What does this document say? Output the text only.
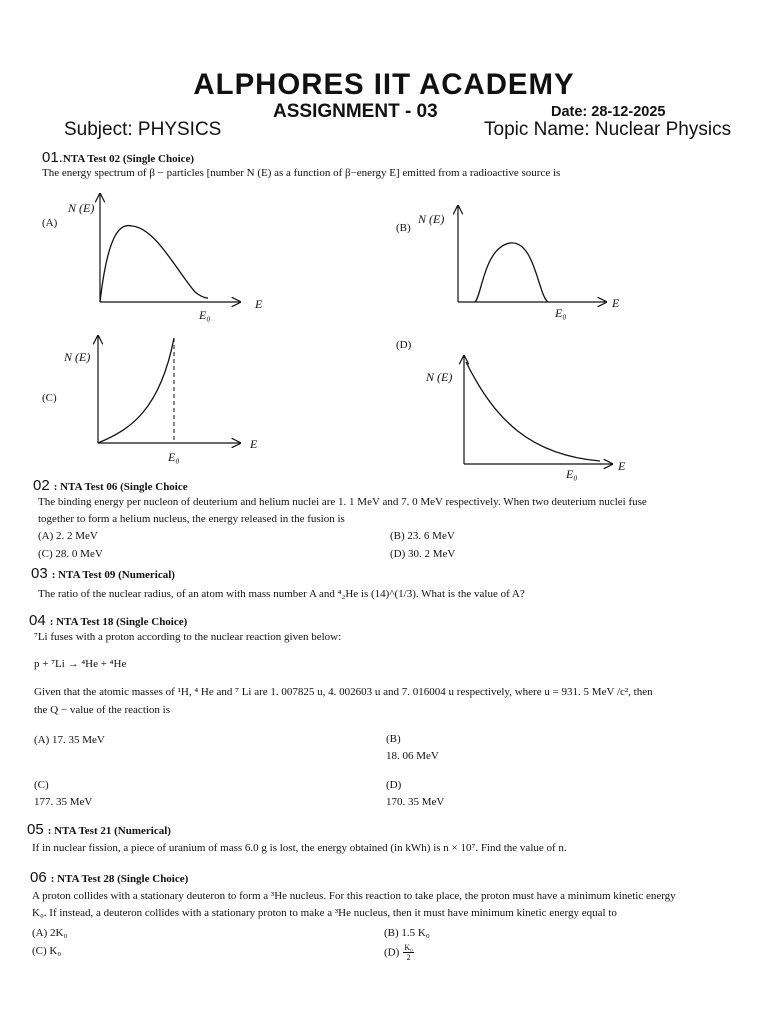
ALPHORES IIT ACADEMY
ASSIGNMENT - 03	Date: 28-12-2025
Subject: PHYSICS	Topic Name: Nuclear Physics
01.NTA Test 02 (Single Choice)
The energy spectrum of β − particles [number N (E) as a function of β−energy E] emitted from a radioactive source is
(A)
N (E)
E
E₀
(B)
N (E)
E
E₀
(C)
N (E)
E
E₀
(D)
N (E)
E
E₀
02 : NTA Test 06 (Single Choice
The binding energy per nucleon of deuterium and helium nuclei are 1. 1 MeV and 7. 0 MeV respectively. When two deuterium nuclei fuse
together to form a helium nucleus, the energy released in the fusion is
(A) 2. 2 MeV	(B) 23. 6 MeV
(C) 28. 0 MeV	(D) 30. 2 MeV
03 : NTA Test 09 (Numerical)
The ratio of the nuclear radius, of an atom with mass number A and ⁴₂He is (14)^(1/3). What is the value of A?
04 : NTA Test 18 (Single Choice)
⁷Li fuses with a proton according to the nuclear reaction given below:
p + ⁷Li → ⁴He + ⁴He
Given that the atomic masses of ¹H, ⁴ He and ⁷ Li are 1. 007825 u, 4. 002603 u and 7. 016004 u respectively, where u = 931. 5 MeV /c², then
the Q − value of the reaction is
(A) 17. 35 MeV	(B)
18. 06 MeV
(C)
177. 35 MeV
(D)
170. 35 MeV
05 : NTA Test 21 (Numerical)
If in nuclear fission, a piece of uranium of mass 6.0 g is lost, the energy obtained (in kWh) is n × 10⁷. Find the value of n.
06 : NTA Test 28 (Single Choice)
A proton collides with a stationary deuteron to form a ³He nucleus. For this reaction to take place, the proton must have a minimum kinetic energy
K₀. If instead, a deuteron collides with a stationary proton to make a ³He nucleus, then it must have minimum kinetic energy equal to
(A) 2K₀	(B) 1.5 K₀
(C) K₀	$(D) \frac{\text{K₀}}{2}$
